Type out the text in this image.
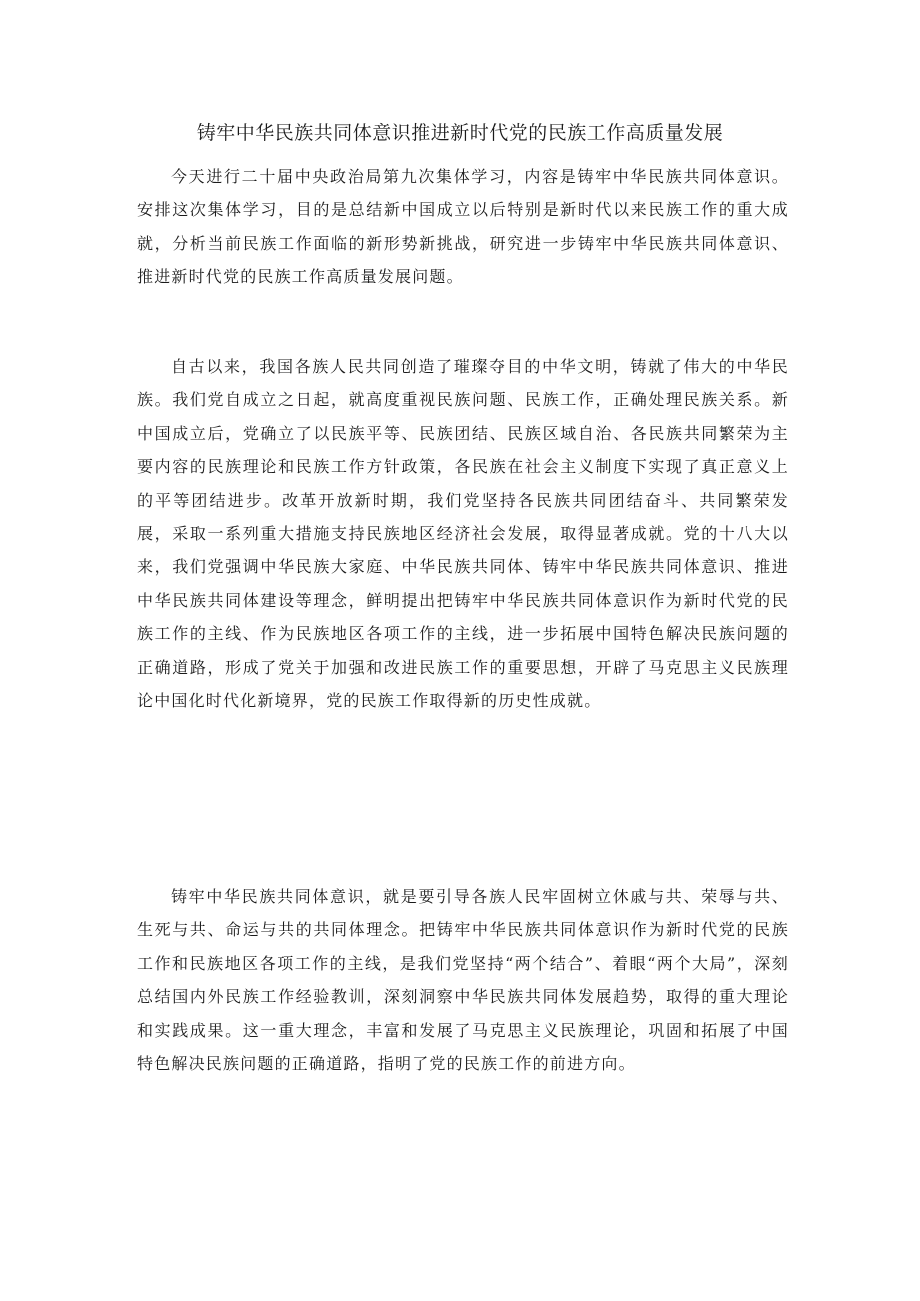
铸牢中华民族共同体意识推进新时代党的民族工作高质量发展

今天进行二十届中央政治局第九次集体学习，内容是铸牢中华民族共同体意识。安排这次集体学习，目的是总结新中国成立以后特别是新时代以来民族工作的重大成就，分析当前民族工作面临的新形势新挑战，研究进一步铸牢中华民族共同体意识、推进新时代党的民族工作高质量发展问题。

自古以来，我国各族人民共同创造了璀璨夺目的中华文明，铸就了伟大的中华民族。我们党自成立之日起，就高度重视民族问题、民族工作，正确处理民族关系。新中国成立后，党确立了以民族平等、民族团结、民族区域自治、各民族共同繁荣为主要内容的民族理论和民族工作方针政策，各民族在社会主义制度下实现了真正意义上的平等团结进步。改革开放新时期，我们党坚持各民族共同团结奋斗、共同繁荣发展，采取一系列重大措施支持民族地区经济社会发展，取得显著成就。党的十八大以来，我们党强调中华民族大家庭、中华民族共同体、铸牢中华民族共同体意识、推进中华民族共同体建设等理念，鲜明提出把铸牢中华民族共同体意识作为新时代党的民族工作的主线、作为民族地区各项工作的主线，进一步拓展中国特色解决民族问题的正确道路，形成了党关于加强和改进民族工作的重要思想，开辟了马克思主义民族理论中国化时代化新境界，党的民族工作取得新的历史性成就。

铸牢中华民族共同体意识，就是要引导各族人民牢固树立休戚与共、荣辱与共、生死与共、命运与共的共同体理念。把铸牢中华民族共同体意识作为新时代党的民族工作和民族地区各项工作的主线，是我们党坚持“两个结合”、着眼“两个大局”，深刻总结国内外民族工作经验教训，深刻洞察中华民族共同体发展趋势，取得的重大理论和实践成果。这一重大理念，丰富和发展了马克思主义民族理论，巩固和拓展了中国特色解决民族问题的正确道路，指明了党的民族工作的前进方向。
